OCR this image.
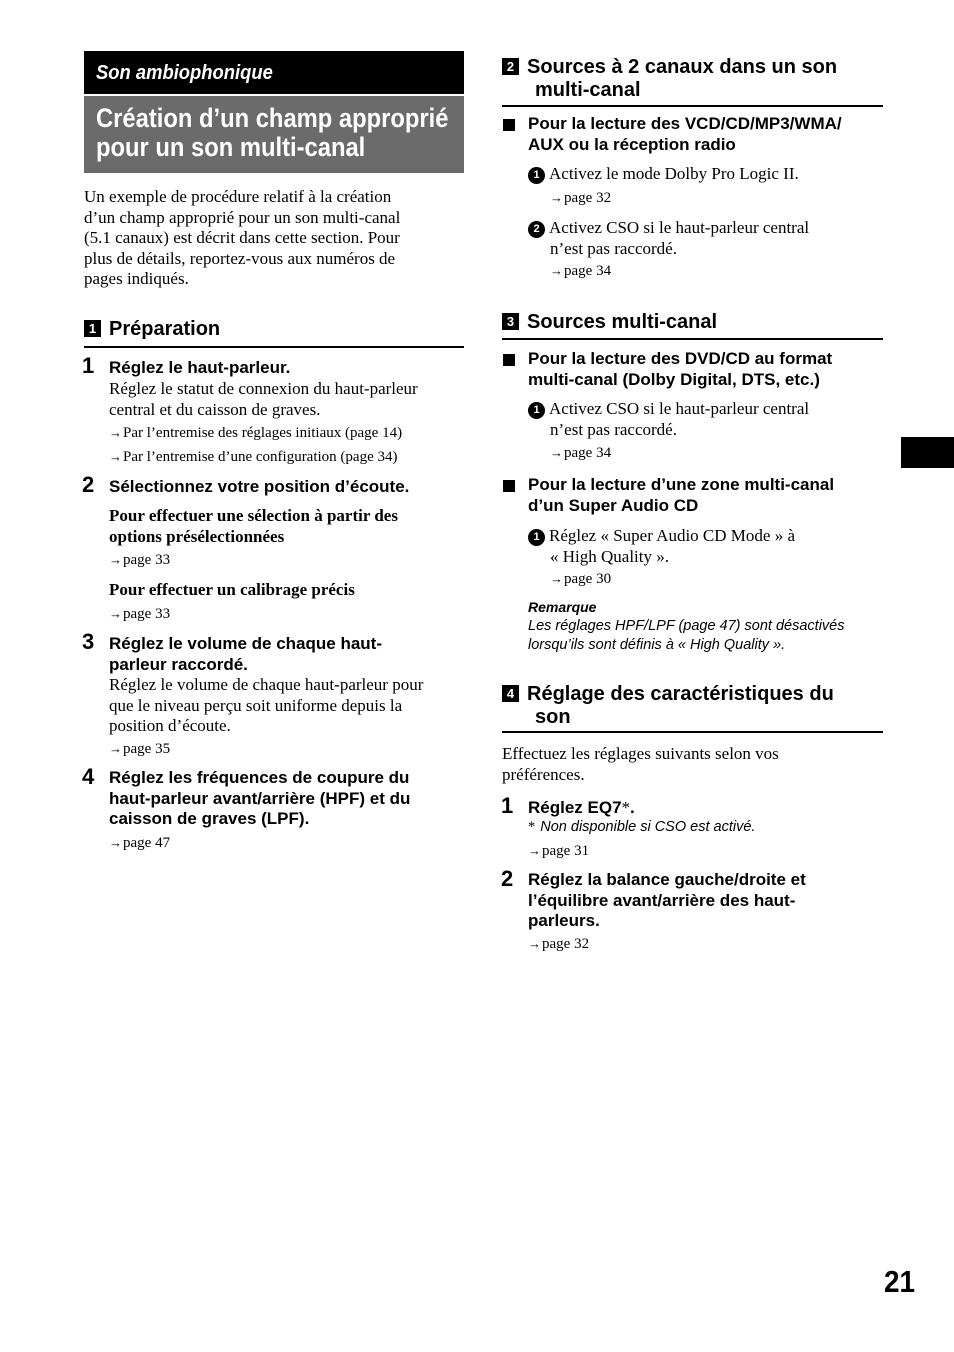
Son ambiophonique
Création d’un champ approprié
pour un son multi-canal
Un exemple de procédure relatif à la création
d’un champ approprié pour un son multi-canal
(5.1 canaux) est décrit dans cette section. Pour
plus de détails, reportez-vous aux numéros de
pages indiqués.
1 Préparation
1 Réglez le haut-parleur.
Réglez le statut de connexion du haut-parleur
central et du caisson de graves.
→Par l’entremise des réglages initiaux (page 14)
→Par l’entremise d’une configuration (page 34)
2 Sélectionnez votre position d’écoute.
Pour effectuer une sélection à partir des
options présélectionnées
→page 33
Pour effectuer un calibrage précis
→page 33
3 Réglez le volume de chaque haut-
parleur raccordé.
Réglez le volume de chaque haut-parleur pour
que le niveau perçu soit uniforme depuis la
position d’écoute.
→page 35
4 Réglez les fréquences de coupure du
haut-parleur avant/arrière (HPF) et du
caisson de graves (LPF).
→page 47
2 Sources à 2 canaux dans un son
multi-canal
Pour la lecture des VCD/CD/MP3/WMA/
AUX ou la réception radio
1 Activez le mode Dolby Pro Logic II.
→page 32
2 Activez CSO si le haut-parleur central
n’est pas raccordé.
→page 34
3 Sources multi-canal
Pour la lecture des DVD/CD au format
multi-canal (Dolby Digital, DTS, etc.)
1 Activez CSO si le haut-parleur central
n’est pas raccordé.
→page 34
Pour la lecture d’une zone multi-canal
d’un Super Audio CD
1 Réglez « Super Audio CD Mode » à
« High Quality ».
→page 30
Remarque
Les réglages HPF/LPF (page 47) sont désactivés
lorsqu’ils sont définis à « High Quality ».
4 Réglage des caractéristiques du
son
Effectuez les réglages suivants selon vos
préférences.
1 Réglez EQ7*.
* Non disponible si CSO est activé.
→page 31
2 Réglez la balance gauche/droite et
l’équilibre avant/arrière des haut-
parleurs.
→page 32
21
